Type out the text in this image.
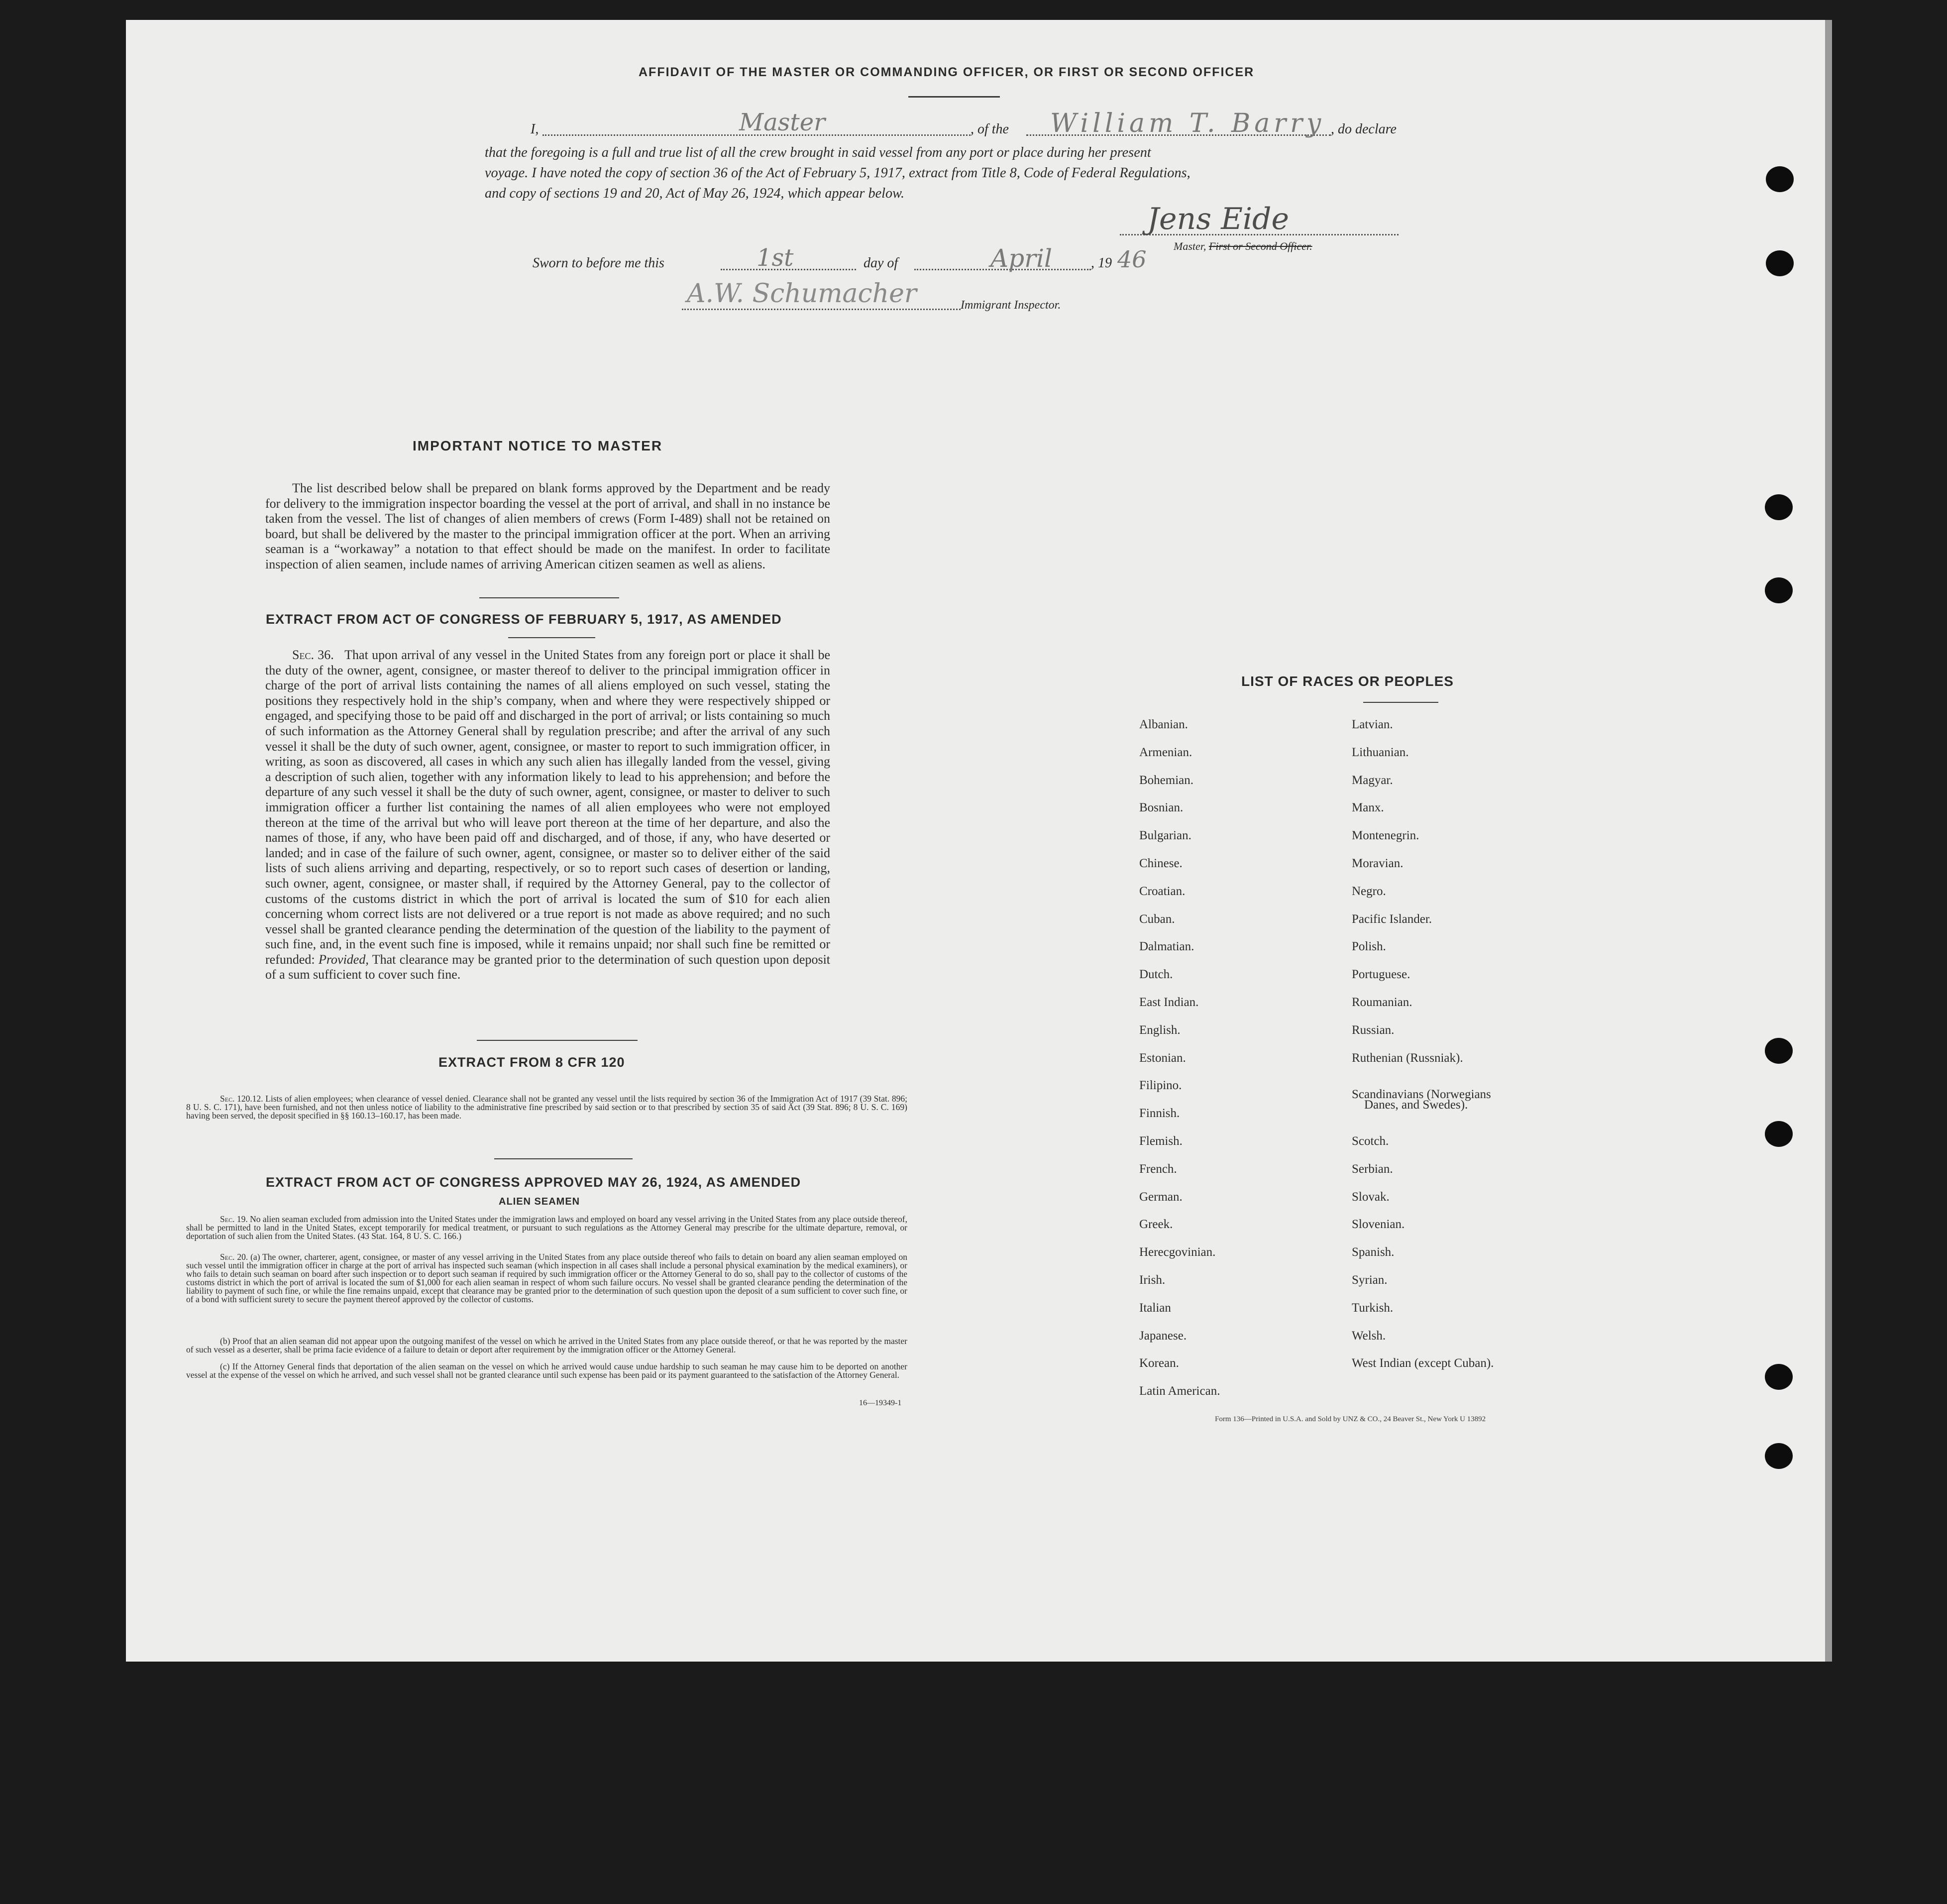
AFFIDAVIT OF THE MASTER OR COMMANDING OFFICER, OR FIRST OR SECOND OFFICER
I,	Master	, of the William T. Barry , do declare
that the foregoing is a full and true list of all the crew brought in said vessel from any port or place during her present
voyage. I have noted the copy of section 36 of the Act of February 5, 1917, extract from Title 8, Code of Federal Regulations,
and copy of sections 19 and 20, Act of May 26, 1924, which appear below.
Jens Eide
Master, First or Second Officer.
Sworn to before me this	1st	day of	April	, 19 46
A.W. Schumacher	Immigrant Inspector.
IMPORTANT NOTICE TO MASTER
The list described below shall be prepared on blank forms approved by the Department and be ready for delivery to the immigration inspector boarding the vessel at the port of arrival, and shall in no instance be taken from the vessel. The list of changes of alien members of crews (Form I-489) shall not be retained on board, but shall be delivered by the master to the principal immigration officer at the port. When an arriving seaman is a “workaway” a notation to that effect should be made on the manifest. In order to facilitate inspection of alien seamen, include names of arriving American citizen seamen as well as aliens.
EXTRACT FROM ACT OF CONGRESS OF FEBRUARY 5, 1917, AS AMENDED
Sec. 36. That upon arrival of any vessel in the United States from any foreign port or place it shall be the duty of the owner, agent, consignee, or master thereof to deliver to the principal immigration officer in charge of the port of arrival lists containing the names of all aliens employed on such vessel, stating the positions they respectively hold in the ship’s company, when and where they were respectively shipped or engaged, and specifying those to be paid off and discharged in the port of arrival; or lists containing so much of such information as the Attorney General shall by regulation prescribe; and after the arrival of any such vessel it shall be the duty of such owner, agent, consignee, or master to report to such immigration officer, in writing, as soon as discovered, all cases in which any such alien has illegally landed from the vessel, giving a description of such alien, together with any information likely to lead to his apprehension; and before the departure of any such vessel it shall be the duty of such owner, agent, consignee, or master to deliver to such immigration officer a further list containing the names of all alien employees who were not employed thereon at the time of the arrival but who will leave port thereon at the time of her departure, and also the names of those, if any, who have been paid off and discharged, and of those, if any, who have deserted or landed; and in case of the failure of such owner, agent, consignee, or master so to deliver either of the said lists of such aliens arriving and departing, respectively, or so to report such cases of desertion or landing, such owner, agent, consignee, or master shall, if required by the Attorney General, pay to the collector of customs of the customs district in which the port of arrival is located the sum of $10 for each alien concerning whom correct lists are not delivered or a true report is not made as above required; and no such vessel shall be granted clearance pending the determination of the question of the liability to the payment of such fine, and, in the event such fine is imposed, while it remains unpaid; nor shall such fine be remitted or refunded: Provided, That clearance may be granted prior to the determination of such question upon deposit of a sum sufficient to cover such fine.
EXTRACT FROM 8 CFR 120
Sec. 120.12. Lists of alien employees; when clearance of vessel denied. Clearance shall not be granted any vessel until the lists required by section 36 of the Immigration Act of 1917 (39 Stat. 896; 8 U. S. C. 171), have been furnished, and not then unless notice of liability to the administrative fine prescribed by said section or to that prescribed by section 35 of said Act (39 Stat. 896; 8 U. S. C. 169) having been served, the deposit specified in §§ 160.13–160.17, has been made.
EXTRACT FROM ACT OF CONGRESS APPROVED MAY 26, 1924, AS AMENDED
ALIEN SEAMEN
Sec. 19. No alien seaman excluded from admission into the United States under the immigration laws and employed on board any vessel arriving in the United States from any place outside thereof, shall be permitted to land in the United States, except temporarily for medical treatment, or pursuant to such regulations as the Attorney General may prescribe for the ultimate departure, removal, or deportation of such alien from the United States. (43 Stat. 164, 8 U. S. C. 166.)
Sec. 20. (a) The owner, charterer, agent, consignee, or master of any vessel arriving in the United States from any place outside thereof who fails to detain on board any alien seaman employed on such vessel until the immigration officer in charge at the port of arrival has inspected such seaman (which inspection in all cases shall include a personal physical examination by the medical examiners), or who fails to detain such seaman on board after such inspection or to deport such seaman if required by such immigration officer or the Attorney General to do so, shall pay to the collector of customs of the customs district in which the port of arrival is located the sum of $1,000 for each alien seaman in respect of whom such failure occurs. No vessel shall be granted clearance pending the determination of the liability to payment of such fine, or while the fine remains unpaid, except that clearance may be granted prior to the determination of such question upon the deposit of a sum sufficient to cover such fine, or of a bond with sufficient surety to secure the payment thereof approved by the collector of customs.
(b) Proof that an alien seaman did not appear upon the outgoing manifest of the vessel on which he arrived in the United States from any place outside thereof, or that he was reported by the master of such vessel as a deserter, shall be prima facie evidence of a failure to detain or deport after requirement by the immigration officer or the Attorney General.
(c) If the Attorney General finds that deportation of the alien seaman on the vessel on which he arrived would cause undue hardship to such seaman he may cause him to be deported on another vessel at the expense of the vessel on which he arrived, and such vessel shall not be granted clearance until such expense has been paid or its payment guaranteed to the satisfaction of the Attorney General.
16—19349-1
LIST OF RACES OR PEOPLES
Albanian.
Armenian.
Bohemian.
Bosnian.
Bulgarian.
Chinese.
Croatian.
Cuban.
Dalmatian.
Dutch.
East Indian.
English.
Estonian.
Filipino.
Finnish.
Flemish.
French.
German.
Greek.
Herecgovinian.
Irish.
Italian
Japanese.
Korean.
Latin American.
Latvian.
Lithuanian.
Magyar.
Manx.
Montenegrin.
Moravian.
Negro.
Pacific Islander.
Polish.
Portuguese.
Roumanian.
Russian.
Ruthenian (Russniak).
Scandinavians (Norwegians
Danes, and Swedes).
Scotch.
Serbian.
Slovak.
Slovenian.
Spanish.
Syrian.
Turkish.
Welsh.
West Indian (except Cuban).
Form 136—Printed in U.S.A. and Sold by UNZ & CO., 24 Beaver St., New York U 13892
